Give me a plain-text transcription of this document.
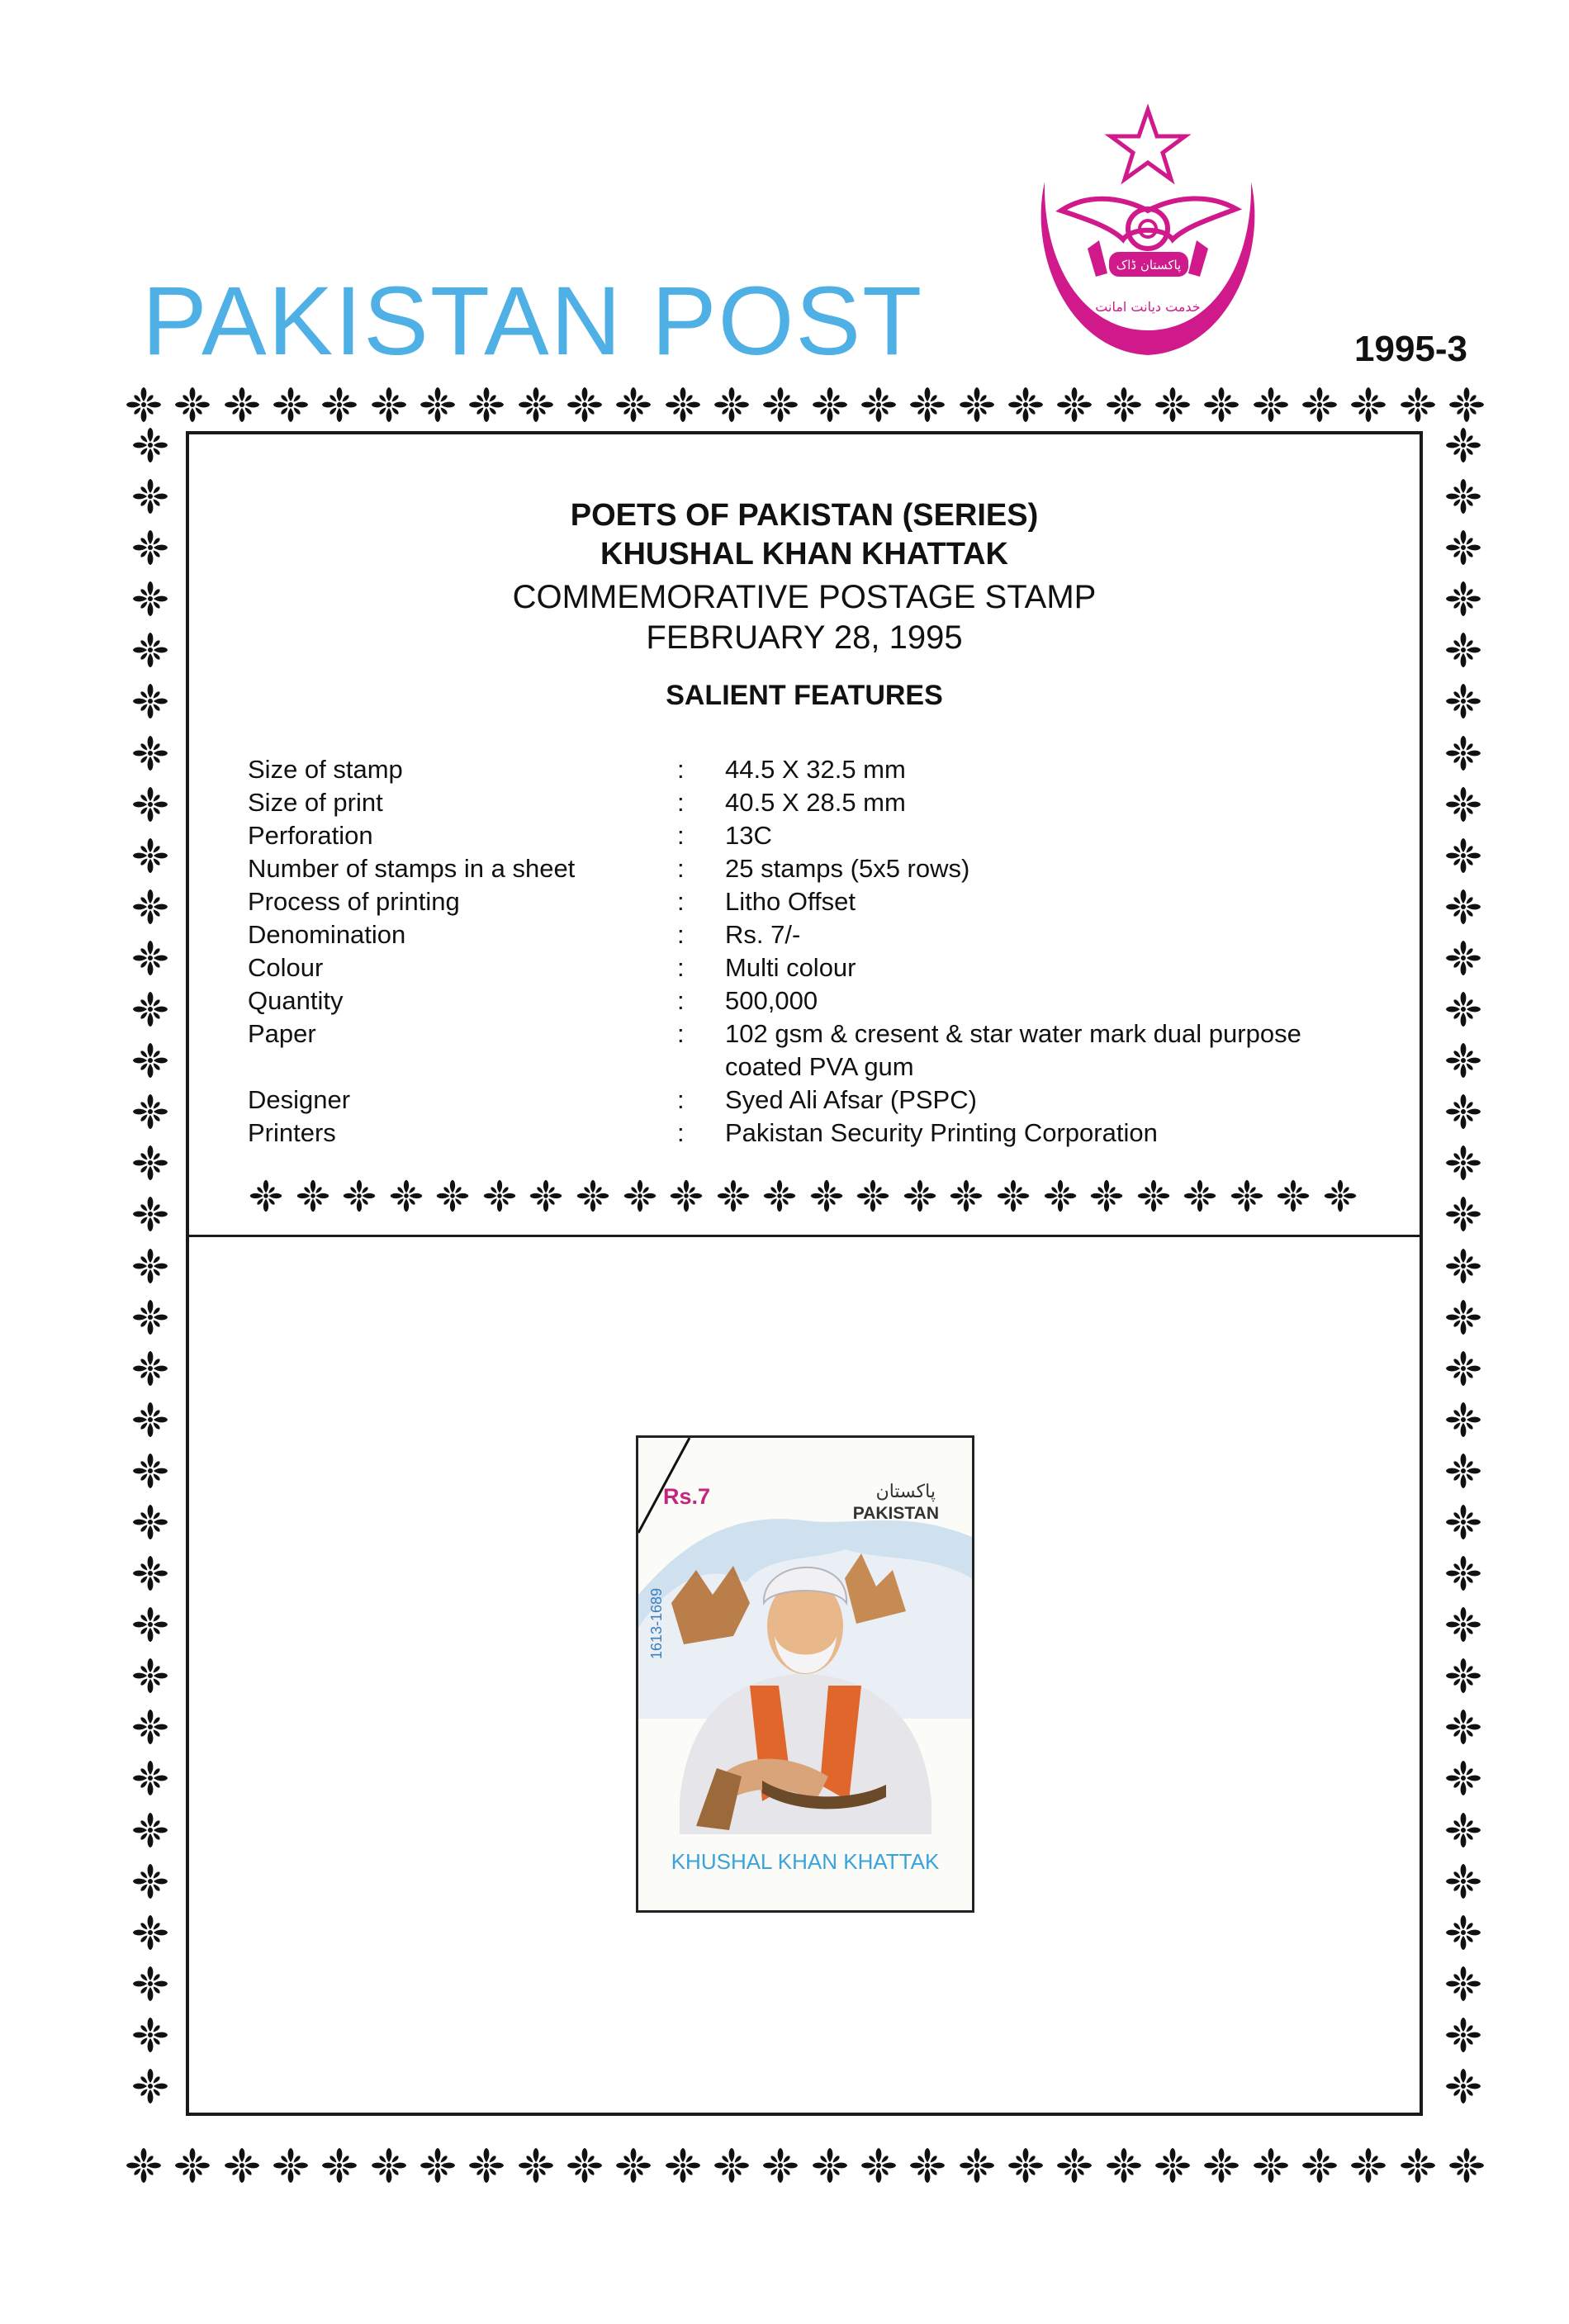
PAKISTAN POST	1995-3
پاکستان ڈاک
خدمت دیانت امانت
POETS OF PAKISTAN (SERIES)
KHUSHAL KHAN KHATTAK
COMMEMORATIVE POSTAGE STAMP
FEBRUARY 28, 1995
SALIENT FEATURES
Size of stamp	:	44.5 X 32.5 mm
Size of print	:	40.5 X 28.5 mm
Perforation	:	13C
Number of stamps in a sheet	:	25 stamps (5x5 rows)
Process of printing	:	Litho Offset
Denomination	:	Rs. 7/-
Colour	:	Multi colour
Quantity	:	500,000
Paper	:	102 gsm & cresent & star water mark dual purpose coated PVA gum
Designer	:	Syed Ali Afsar (PSPC)
Printers	:	Pakistan Security Printing Corporation
Rs.7	پاکستان
PAKISTAN
1613-1689
KHUSHAL KHAN KHATTAK
